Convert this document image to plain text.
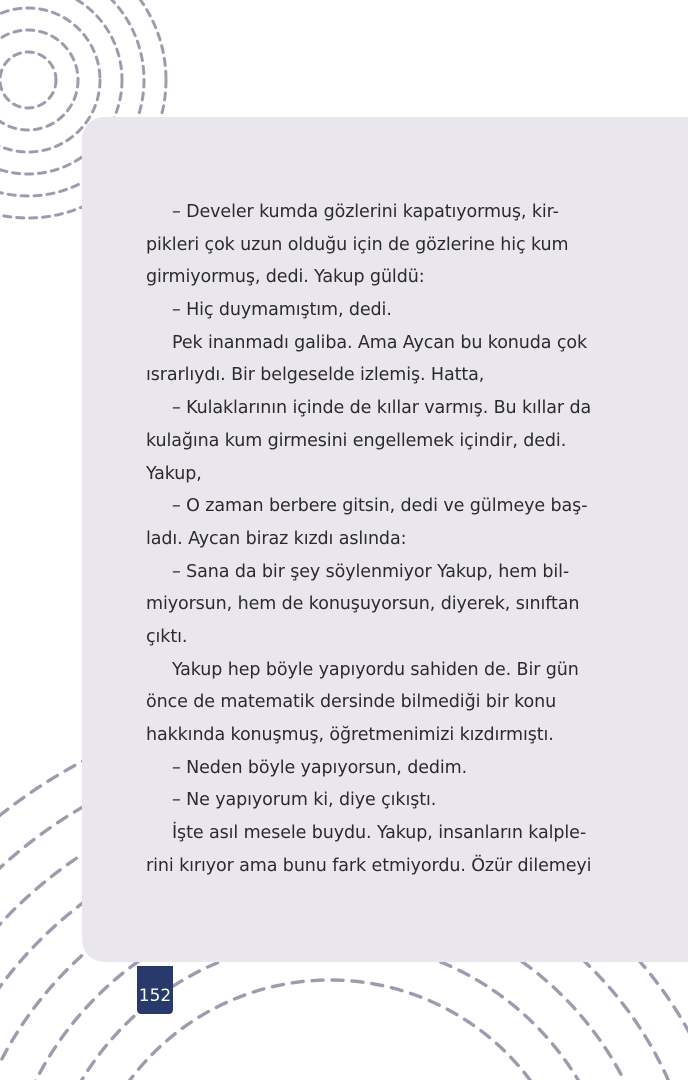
– Develer kumda gözlerini kapatıyormuş, kir-
pikleri çok uzun olduğu için de gözlerine hiç kum
girmiyormuş, dedi. Yakup güldü:
– Hiç duymamıştım, dedi.
Pek inanmadı galiba. Ama Aycan bu konuda çok
ısrarlıydı. Bir belgeselde izlemiş. Hatta,
– Kulaklarının içinde de kıllar varmış. Bu kıllar da
kulağına kum girmesini engellemek içindir, dedi.
Yakup,
– O zaman berbere gitsin, dedi ve gülmeye baş-
ladı. Aycan biraz kızdı aslında:
– Sana da bir şey söylenmiyor Yakup, hem bil-
miyorsun, hem de konuşuyorsun, diyerek, sınıftan
çıktı.
Yakup hep böyle yapıyordu sahiden de. Bir gün
önce de matematik dersinde bilmediği bir konu
hakkında konuşmuş, öğretmenimizi kızdırmıştı.
– Neden böyle yapıyorsun, dedim.
– Ne yapıyorum ki, diye çıkıştı.
İşte asıl mesele buydu. Yakup, insanların kalple-
rini kırıyor ama bunu fark etmiyordu. Özür dilemeyi
152
